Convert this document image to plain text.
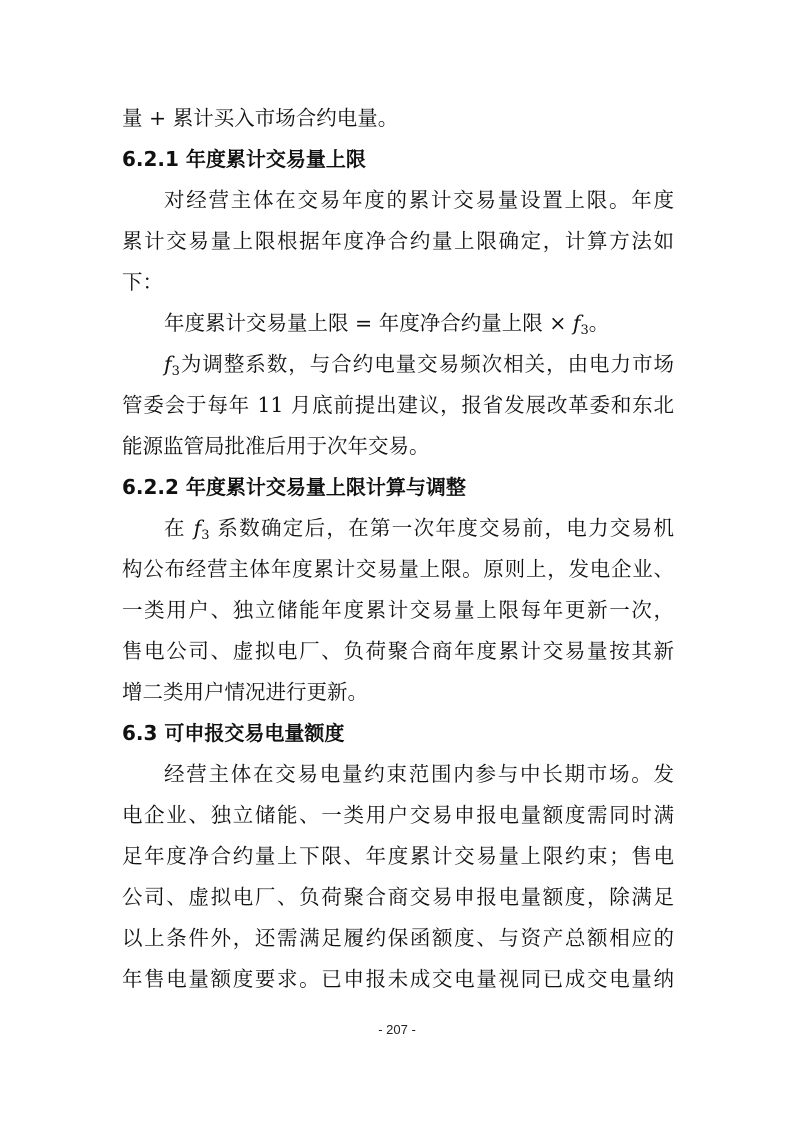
量 + 累计买入市场合约电量。
6.2.1 年度累计交易量上限
对经营主体在交易年度的累计交易量设置上限。年度
累计交易量上限根据年度净合约量上限确定，计算方法如
下：
年度累计交易量上限 = 年度净合约量上限 × $f_3$。
$f_3$为调整系数，与合约电量交易频次相关，由电力市场
管委会于每年 11 月底前提出建议，报省发展改革委和东北
能源监管局批准后用于次年交易。
6.2.2 年度累计交易量上限计算与调整
在 $f_3$ 系数确定后，在第一次年度交易前，电力交易机
构公布经营主体年度累计交易量上限。原则上，发电企业、
一类用户、独立储能年度累计交易量上限每年更新一次，
售电公司、虚拟电厂、负荷聚合商年度累计交易量按其新
增二类用户情况进行更新。
6.3 可申报交易电量额度
经营主体在交易电量约束范围内参与中长期市场。发
电企业、独立储能、一类用户交易申报电量额度需同时满
足年度净合约量上下限、年度累计交易量上限约束；售电
公司、虚拟电厂、负荷聚合商交易申报电量额度，除满足
以上条件外，还需满足履约保函额度、与资产总额相应的
年售电量额度要求。已申报未成交电量视同已成交电量纳
- 207 -
